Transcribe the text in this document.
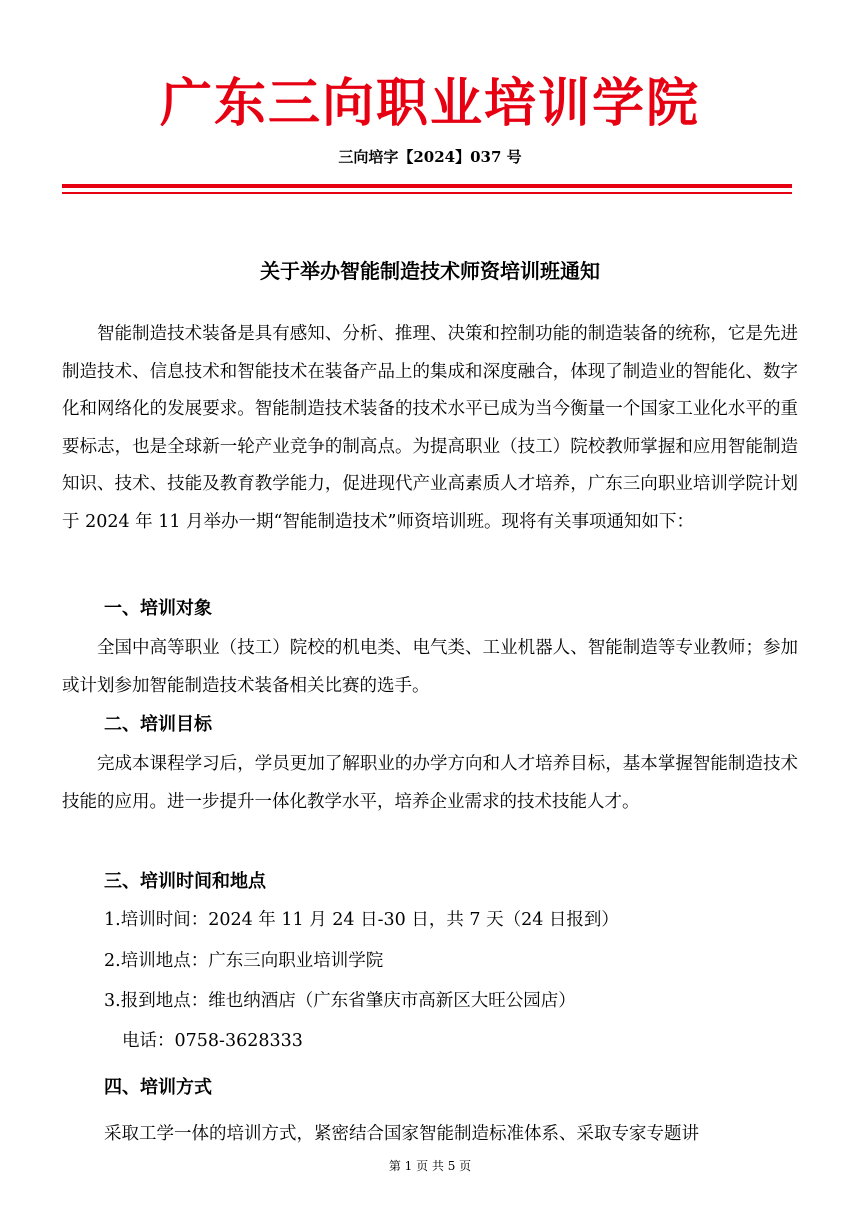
广东三向职业培训学院
三向培字【2024】037 号
关于举办智能制造技术师资培训班通知
智能制造技术装备是具有感知、分析、推理、决策和控制功能的制造装备的统称，它是先进制造技术、信息技术和智能技术在装备产品上的集成和深度融合，体现了制造业的智能化、数字化和网络化的发展要求。智能制造技术装备的技术水平已成为当今衡量一个国家工业化水平的重要标志，也是全球新一轮产业竞争的制高点。为提高职业（技工）院校教师掌握和应用智能制造知识、技术、技能及教育教学能力，促进现代产业高素质人才培养，广东三向职业培训学院计划于 2024 年 11 月举办一期“智能制造技术”师资培训班。现将有关事项通知如下：
一、培训对象
全国中高等职业（技工）院校的机电类、电气类、工业机器人、智能制造等专业教师；参加或计划参加智能制造技术装备相关比赛的选手。
二、培训目标
完成本课程学习后，学员更加了解职业的办学方向和人才培养目标，基本掌握智能制造技术技能的应用。进一步提升一体化教学水平，培养企业需求的技术技能人才。
三、培训时间和地点
1.培训时间：2024 年 11 月 24 日-30 日，共 7 天（24 日报到）
2.培训地点：广东三向职业培训学院
3.报到地点：维也纳酒店（广东省肇庆市高新区大旺公园店）
电话：0758-3628333
四、培训方式
采取工学一体的培训方式，紧密结合国家智能制造标准体系、采取专家专题讲
第 1 页 共 5 页
